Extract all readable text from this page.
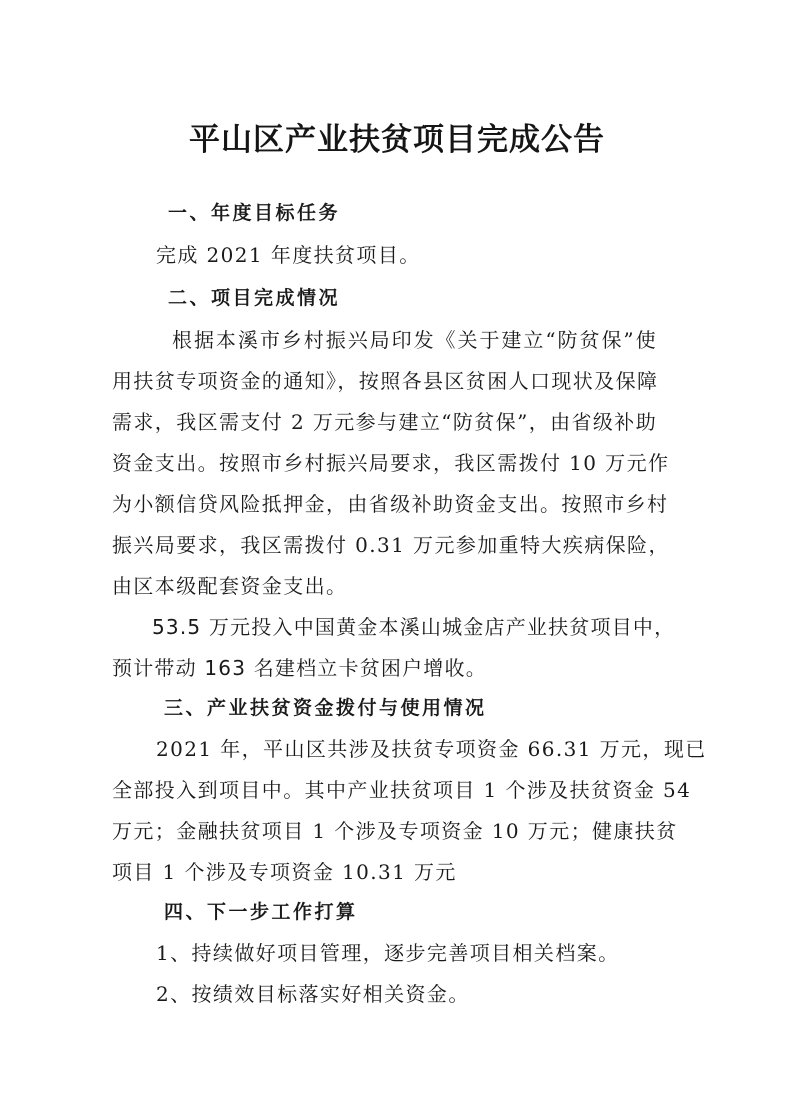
平山区产业扶贫项目完成公告
一、年度目标任务
完成 2021 年度扶贫项目。
二、项目完成情况
根据本溪市乡村振兴局印发《关于建立“防贫保”使
用扶贫专项资金的通知》，按照各县区贫困人口现状及保障
需求，我区需支付 2 万元参与建立“防贫保”，由省级补助
资金支出。按照市乡村振兴局要求，我区需拨付 10 万元作
为小额信贷风险抵押金，由省级补助资金支出。按照市乡村
振兴局要求，我区需拨付 0.31 万元参加重特大疾病保险，
由区本级配套资金支出。
53.5 万元投入中国黄金本溪山城金店产业扶贫项目中，
预计带动 163 名建档立卡贫困户增收。
三、产业扶贫资金拨付与使用情况
2021 年，平山区共涉及扶贫专项资金 66.31 万元，现已
全部投入到项目中。其中产业扶贫项目 1 个涉及扶贫资金 54
万元；金融扶贫项目 1 个涉及专项资金 10 万元；健康扶贫
项目 1 个涉及专项资金 10.31 万元
四、下一步工作打算
1、持续做好项目管理，逐步完善项目相关档案。
2、按绩效目标落实好相关资金。
